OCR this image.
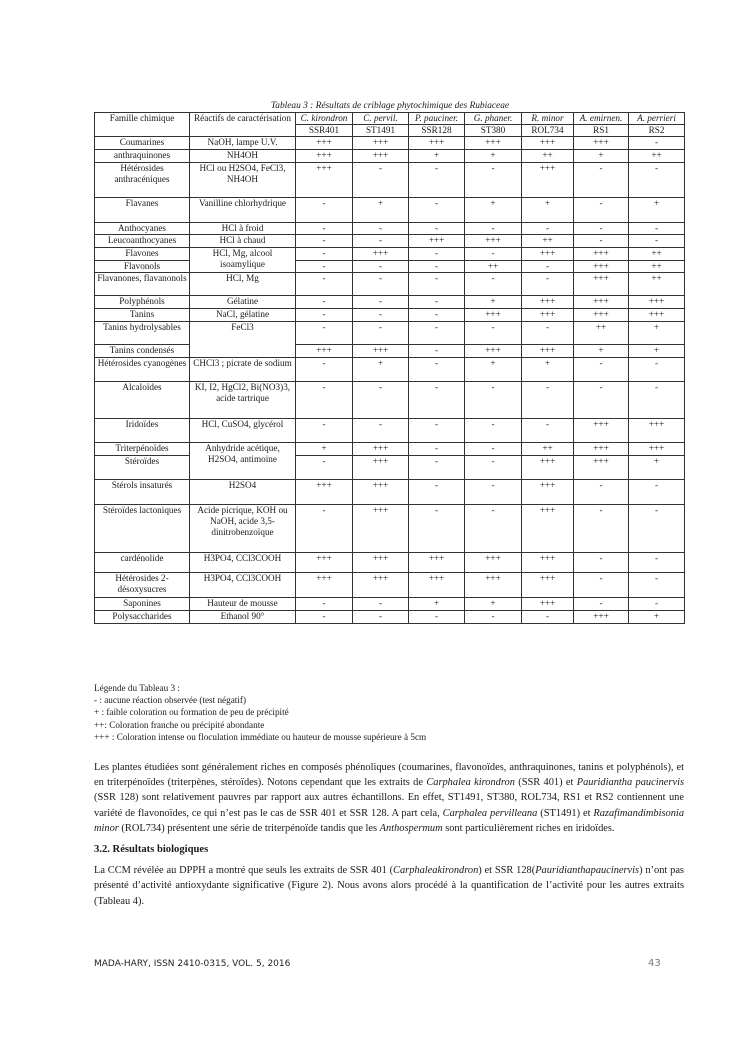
Tableau 3 : Résultats de criblage phytochimique des Rubiaceae
Famille chimique	Réactifs de caractérisation	C. kirondron	C. pervil.	P. pauciner.	G. phaner.	R. minor	A. emirnen.	A. perrieri
		SSR401	ST1491	SSR128	ST380	ROL734	RS1	RS2
Coumarines	NaOH, lampe U.V.	+++	+++	+++	+++	+++	+++	-
anthraquinones	NH4OH	+++	+++	+	+	++	+	++
Hétérosides anthracéniques	HCl ou H2SO4, FeCl3, NH4OH	+++	-	-	-	+++	-	-
Flavanes	Vanilline chlorhydrique	-	+	-	+	+	-	+
Anthocyanes	HCl à froid	-	-	-	-	-	-	-
Leucoanthocyanes	HCl à chaud	-	-	+++	+++	++	-	-
Flavones	HCl, Mg, alcool isoamylique	-	+++	-	-	+++	+++	++
Flavonols		-	-	-	++	-	+++	++
Flavanones, flavanonols	HCl, Mg	-	-	-	-	-	+++	++
Polyphénols	Gélatine	-	-	-	+	+++	+++	+++
Tanins	NaCl, gélatine	-	-	-	+++	+++	+++	+++
Tanins hydrolysables	FeCl3	-	-	-	-	-	++	+
Tanins condensés		+++	+++	-	+++	+++	+	+
Hétérosides cyanogènes	CHCl3 ; picrate de sodium	-	+	-	+	+	-	-
Alcaloïdes	KI, I2, HgCl2, Bi(NO3)3, acide tartrique	-	-	-	-	-	-	-
Iridoïdes	HCl, CuSO4, glycérol	-	-	-	-	-	+++	+++
Triterpénoïdes	Anhydride acétique, H2SO4, antimoine	+	+++	-	-	++	+++	+++
Stéroïdes		-	+++	-	-	+++	+++	+
Stérols insaturés	H2SO4	+++	+++	-	-	+++	-	-
Stéroïdes lactoniques	Acide picrique, KOH ou NaOH, acide 3,5-dinitrobenzoïque	-	+++	-	-	+++	-	-
cardénolide	H3PO4, CCl3COOH	+++	+++	+++	+++	+++	-	-
Hétérosides 2-désoxysucres	H3PO4, CCl3COOH	+++	+++	+++	+++	+++	-	-
Saponines	Hauteur de mousse	-	-	+	+	+++	-	-
Polysaccharides	Ethanol 90°	-	-	-	-	-	+++	+
Légende du Tableau 3 :
- : aucune réaction observée (test négatif)
+ : faible coloration ou formation de peu de précipité
++: Coloration franche ou précipité abondante
+++ : Coloration intense ou floculation immédiate ou hauteur de mousse supérieure à 5cm

Les plantes étudiées sont généralement riches en composés phénoliques (coumarines, flavonoïdes, anthraquinones, tanins et polyphénols), et en triterpénoïdes (triterpènes, stéroïdes). Notons cependant que les extraits de Carphalea kirondron (SSR 401) et Pauridiantha paucinervis (SSR 128) sont relativement pauvres par rapport aux autres échantillons. En effet, ST1491, ST380, ROL734, RS1 et RS2 contiennent une variété de flavonoïdes, ce qui n’est pas le cas de SSR 401 et SSR 128. A part cela, Carphalea pervilleana (ST1491) et Razafimandimbisonia minor (ROL734) présentent une série de triterpénoïde tandis que les Anthospermum sont particulièrement riches en iridoïdes.

3.2. Résultats biologiques

La CCM révélée au DPPH a montré que seuls les extraits de SSR 401 (Carphaleakirondron) et SSR 128(Pauridianthapaucinervis) n’ont pas présenté d’activité antioxydante significative (Figure 2). Nous avons alors procédé à la quantification de l’activité pour les autres extraits (Tableau 4).

MADA-HARY, ISSN 2410-0315, VOL. 5, 2016	43
